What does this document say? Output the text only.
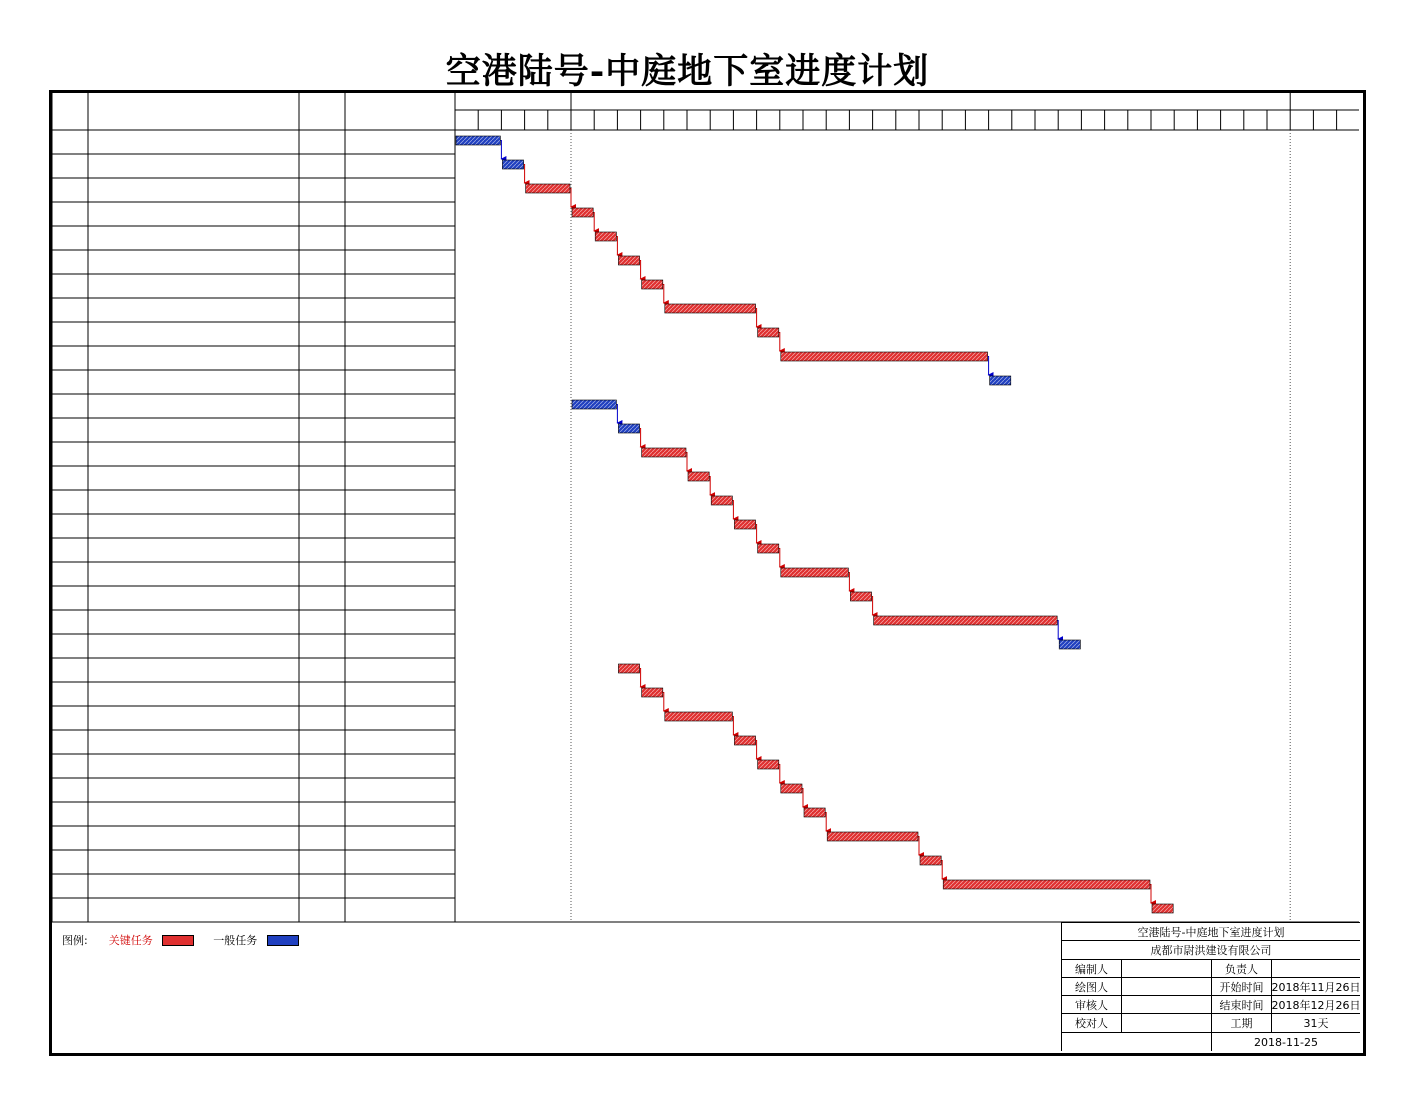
空港陆号-中庭地下室进度计划
图例: 关键任务	一般任务
空港陆号-中庭地下室进度计划
成都市尉洪建设有限公司
编制人	负责人
绘图人	开始时间 2018年11月26日
审核人	结束时间 2018年12月26日
校对人	工期	31天
2018-11-25
